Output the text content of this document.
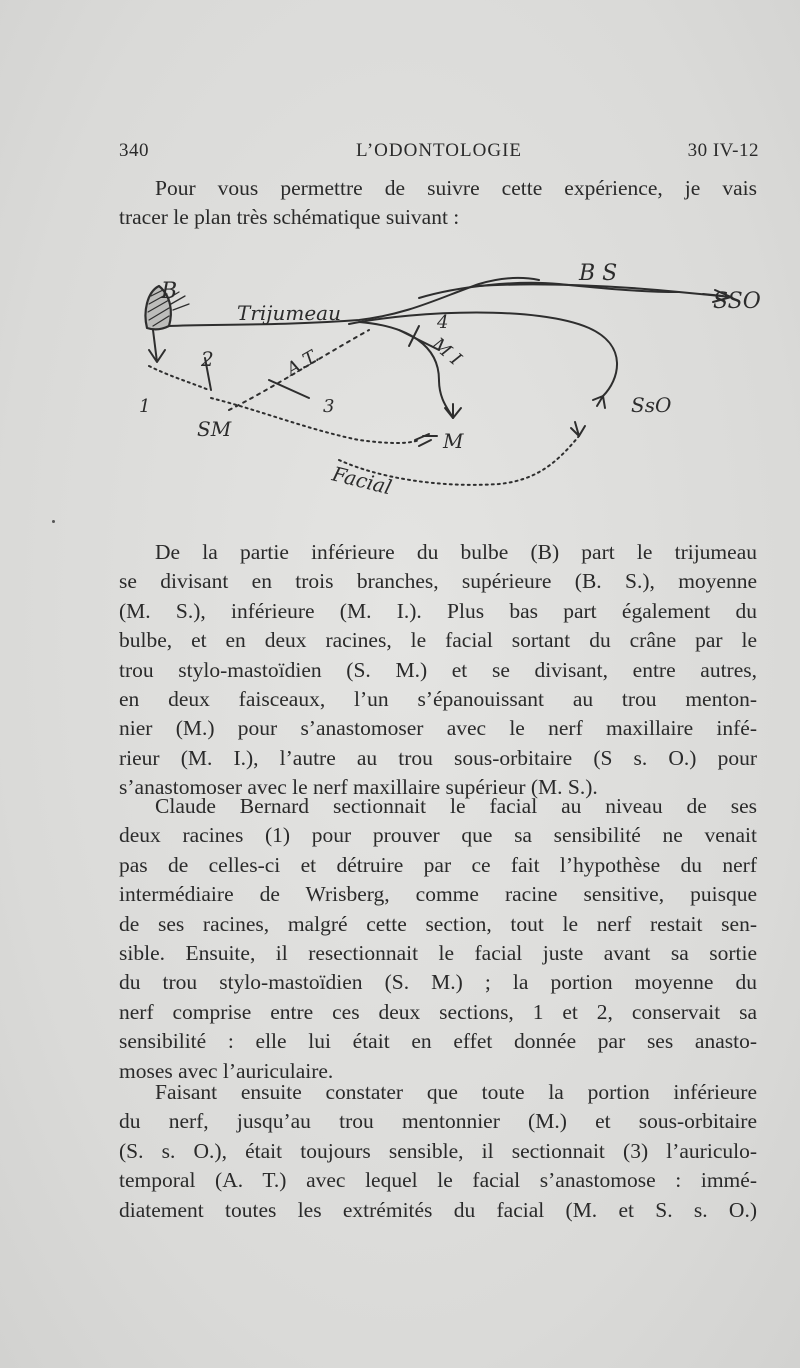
340	L’ODONTOLOGIE	30 IV-12

Pour vous permettre de suivre cette expérience, je vais
tracer le plan très schématique suivant :

B
Trijumeau
B S
SSO
M I
4
A.T.
2
1	3
SM	M
SsO
Facial

De la partie inférieure du bulbe (B) part le trijumeau
se divisant en trois branches, supérieure (B. S.), moyenne
(M. S.), inférieure (M. I.). Plus bas part également du
bulbe, et en deux racines, le facial sortant du crâne par le
trou stylo-mastoïdien (S. M.) et se divisant, entre autres,
en deux faisceaux, l’un s’épanouissant au trou menton-
nier (M.) pour s’anastomoser avec le nerf maxillaire infé-
rieur (M. I.), l’autre au trou sous-orbitaire (S s. O.) pour
s’anastomoser avec le nerf maxillaire supérieur (M. S.).

Claude Bernard sectionnait le facial au niveau de ses
deux racines (1) pour prouver que sa sensibilité ne venait
pas de celles-ci et détruire par ce fait l’hypothèse du nerf
intermédiaire de Wrisberg, comme racine sensitive, puisque
de ses racines, malgré cette section, tout le nerf restait sen-
sible. Ensuite, il resectionnait le facial juste avant sa sortie
du trou stylo-mastoïdien (S. M.) ; la portion moyenne du
nerf comprise entre ces deux sections, 1 et 2, conservait sa
sensibilité : elle lui était en effet donnée par ses anasto-
moses avec l’auriculaire.

Faisant ensuite constater que toute la portion inférieure
du nerf, jusqu’au trou mentonnier (M.) et sous-orbitaire
(S. s. O.), était toujours sensible, il sectionnait (3) l’auriculo-
temporal (A. T.) avec lequel le facial s’anastomose : immé-
diatement toutes les extrémités du facial (M. et S. s. O.)
